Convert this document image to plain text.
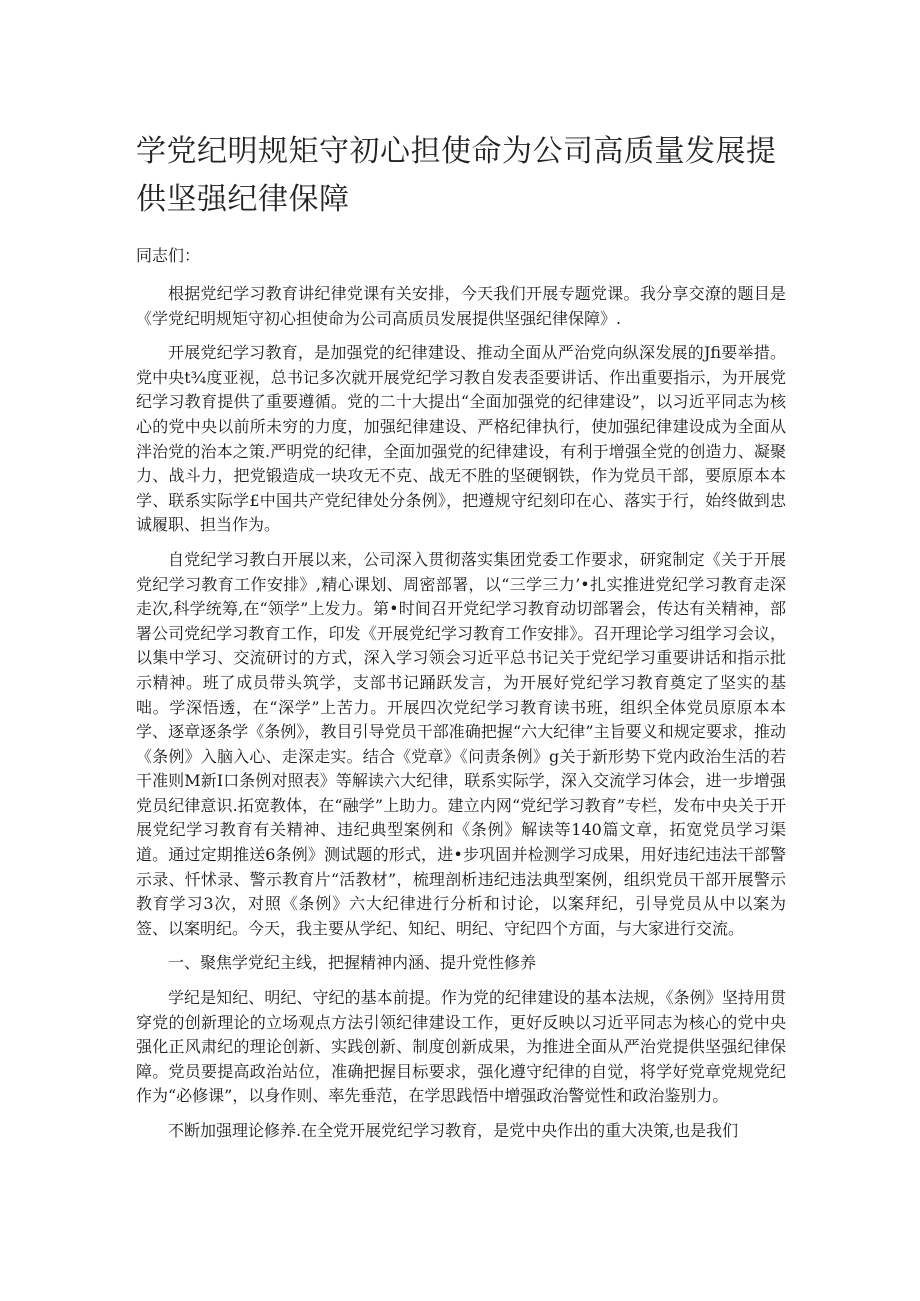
学党纪明规矩守初心担使命为公司高质量发展提供坚强纪律保障

同志们：

根据党纪学习教育讲纪律党课有关安排，今天我们开展专题党课。我分享交潦的题目是《学党纪明规矩守初心担使命为公司高质员发展提供坚强纪律保障》.

开展党纪学习教育，是加强党的纪律建设、推动全面从严治党向纵深发展的Jfi要举措。党中央t¾度亚视，总书记多次就开展党纪学习教自发表歪要讲话、作出重要指示，为开展党纪学习教育提供了重要遵循。党的二十大提出“全面加强党的纪律建设”，以习近平同志为核心的党中央以前所未穷的力度，加强纪律建设、严格纪律执行，使加强纪律建设成为全面从泮治党的治本之策.严明党的纪律，全面加强党的纪律建设，有利于增强全党的创造力、凝聚力、战斗力，把党锻造成一块攻无不克、战无不胜的坚硬钢铁，作为党员干部，要原原本本学、联系实际学£中国共产党纪律处分条例》，把遵规守纪刻印在心、落实于行，始终做到忠诚履职、担当作为。

自党纪学习教白开展以来，公司深入贯彻落实集团党委工作要求，研窕制定《关于开展党纪学习教育工作安排》,精心课划、周密部署，以“三学三力’•扎实推进党纪学习教育走深走次,科学统筹,在“领学”上发力。第•时间召开党纪学习教育动切部署会，传达有关精神，部署公司党纪学习教育工作，印发《开展党纪学习教育工作安排》。召开理论学习组学习会议，以集中学习、交流研讨的方式，深入学习领会习近平总书记关于党纪学习重要讲话和指示批示精神。班了成员带头筑学，支部书记踊跃发言，为开展好党纪学习教育奠定了坚实的基咄。学深悟透，在“深学”上苦力。开展四次党纪学习教育读书班，组织全体党员原原本本学、逐章逐条学《条例》，教目引导党员干部准确把握“六大纪律”主旨要义和规定要求，推动《条例》入脑入心、走深走实。结合《党章》《问责条例》g关于新形势下党内政治生活的若干准则M新I口条例对照表》等解读六大纪律，联系实际学，深入交流学习体会，进一步增强党员纪律意识.拓宽教体，在“融学”上助力。建立内网“党纪学习教育”专栏，发布中央关于开展党纪学习教育有关精神、违纪典型案例和《条例》解读等140篇文章，拓宽党员学习渠道。通过定期推送6条例》测试题的形式，进•步巩固并检测学习成果，用好违纪违法干部警示录、忏怵录、警示教育片“活教材”，梳理剖析违纪违法典型案例，组织党员干部开展警示教育学习3次，对照《条例》六大纪律进行分析和讨论，以案拜纪，引导党员从中以案为签、以案明纪。今天，我主要从学纪、知纪、明纪、守纪四个方面，与大家进行交流。

一、聚焦学党纪主线，把握精神内涵、提升党性修养

学纪是知纪、明纪、守纪的基本前提。作为党的纪律建设的基本法规，《条例》坚持用贯穿党的创新理论的立场观点方法引领纪律建设工作，更好反映以习近平同志为核心的党中央强化正风肃纪的理论创新、实践创新、制度创新成果，为推进全面从严治党提供坚强纪律保障。党员要提高政治站位，准确把握目标要求，强化遵守纪律的自觉，将学好党章党规党纪作为“必修课”，以身作则、率先垂范，在学思践悟中增强政治警觉性和政治鉴别力。

不断加强理论修养.在全党开展党纪学习教育，是党中央作出的重大决策,也是我们
